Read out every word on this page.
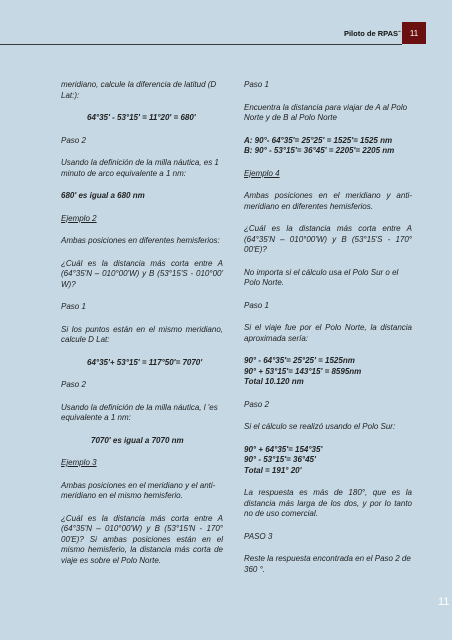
Piloto de RPAS -	11

meridiano, calcule la diferencia de latitud (D Lat:):

64°35' - 53°15' = 11°20' = 680'

Paso 2

Usando la definición de la milla náutica, es 1 minuto de arco equivalente a 1 nm:

680' es igual a 680 nm

Ejemplo 2

Ambas posiciones en diferentes hemisferios:

¿Cuál es la distancia más corta entre A (64°35'N – 010°00'W) y B (53°15'S - 010°00' W)?

Paso 1

Si los puntos están en el mismo meridiano, calcule D Lat:

64°35'+ 53°15' = 117°50'= 7070'

Paso 2

Usando la definición de la milla náutica, l 'es equivalente a 1 nm:

7070' es igual a 7070 nm

Ejemplo 3

Ambas posiciones en el meridiano y el anti-meridiano en el mismo hemisferio.

¿Cuál es la distancia más corta entre A (64°35'N – 010°00'W) y B (53°15'N - 170° 00'E)? Si ambas posiciones están en el mismo hemisferio, la distancia más corta de viaje es sobre el Polo Norte.

Paso 1

Encuentra la distancia para viajar de A al Polo Norte y de B al Polo Norte

A: 90°- 64°35'= 25°25' = 1525'= 1525 nm

B: 90° - 53°15'= 36°45' = 2205'= 2205 nm

Ejemplo 4

Ambas posiciones en el meridiano y anti-meridiano en diferentes hemisferios.

¿Cuál es la distancia más corta entre A (64°35'N – 010°00'W) y B (53°15'S - 170° 00'E)?

No importa si el cálculo usa el Polo Sur o el Polo Norte.

Paso 1

Si el viaje fue por el Polo Norte, la distancia aproximada sería:

90° - 64°35'= 25°25' = 1525nm

90° + 53°15'= 143°15' = 8595nm

Total 10.120 nm

Paso 2

Si el cálculo se realizó usando el Polo Sur:

90° + 64°35'= 154°35'

90° - 53°15'= 36°45'

Total = 191° 20'

La respuesta es más de 180°, que es la distancia más larga de los dos, y por lo tanto no de uso comercial.

PASO 3

Reste la respuesta encontrada en el Paso 2 de 360 °.

11
